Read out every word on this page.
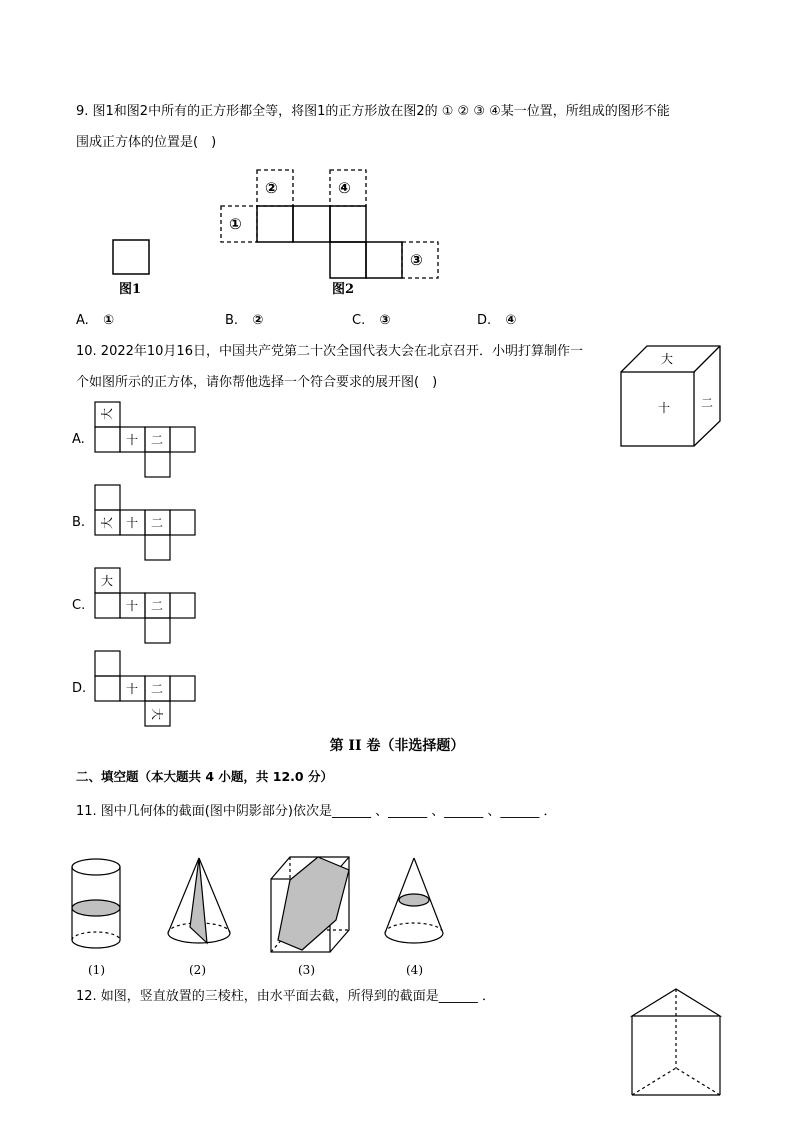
9. 图1和图2中所有的正方形都全等，将图1的正方形放在图2的 ① ② ③ ④某一位置，所组成的图形不能
围成正方体的位置是(　)
①
②	④
③
图1	图2
A. ①	B. ②	C. ③	D. ④
10. 2022年10月16日，中国共产党第二十次全国代表大会在北京召开．小明打算制作一
个如图所示的正方体，请你帮他选择一个符合要求的展开图(　)
大
十	二
A.
大
十 二
B. 大 十 二
C.
大
十 二
D.	十 二
大
第 II 卷（非选择题）
二、填空题（本大题共 4 小题，共 12.0 分）
11. 图中几何体的截面(图中阴影部分)依次是______ 、______ 、______ 、______ ．
(1)	(2)	(3)	(4)
12. 如图，竖直放置的三棱柱，由水平面去截，所得到的截面是______ ．
